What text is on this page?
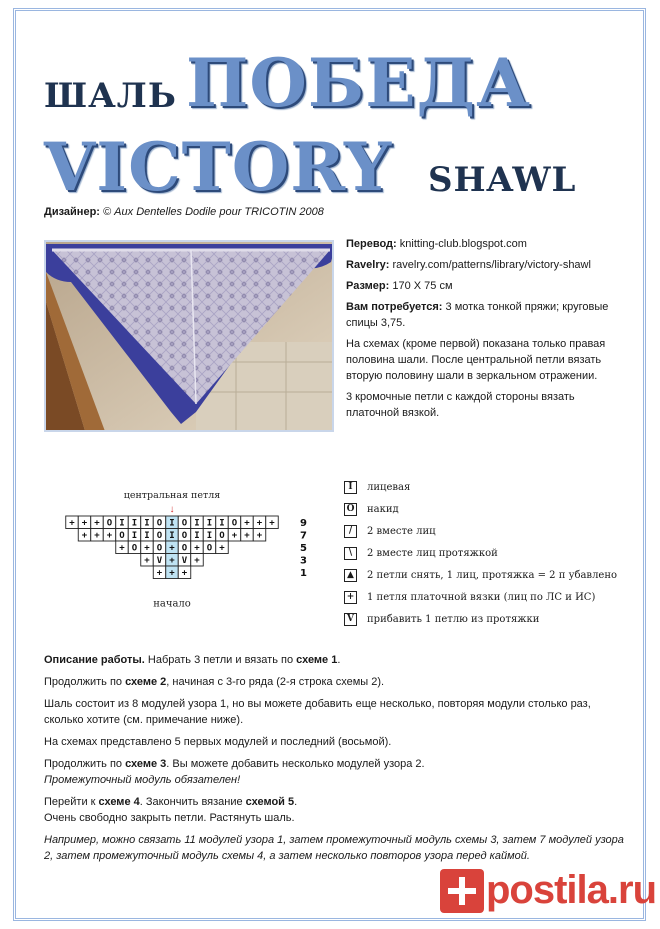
ШАЛЬ ПОБЕДА
VICTORY SHAWL
Дизайнер: © Aux Dentelles Dodile pour TRICOTIN 2008

Перевод: knitting-club.blogspot.com

Ravelry: ravelry.com/patterns/library/victory-shawl

Размер: 170 X 75 см

Вам потребуется: 3 мотка тонкой пряжи; круговые спицы 3,75.

На схемах (кроме первой) показана только правая половина шали. После центральной петли вязать вторую половину шали в зеркальном отражении.

3 кромочные петли с каждой стороны вязать платочной вязкой.

центральная петля
↓
+ + + O I I I O I O I I I O + + +	9
+ + + O I I O I O I I O + + +	7
+ O + O + O + O +	5
+ V + V +	3
+ + +	1
начало
I	лицевая
O накид
/	2 вместе лиц
\	2 вместе лиц протяжкой
▲	2 петли снять, 1 лиц, протяжка = 2 п убавлено
+ 1 петля платочной вязки (лиц по ЛС и ИС)
V	прибавить 1 петлю из протяжки

Описание работы. Набрать 3 петли и вязать по схеме 1.

Продолжить по схеме 2, начиная с 3-го ряда (2-я строка схемы 2).

Шаль состоит из 8 модулей узора 1, но вы можете добавить еще несколько, повторяя модули столько раз, сколько хотите (см. примечание ниже).

На схемах представлено 5 первых модулей и последний (восьмой).

Продолжить по схеме 3. Вы можете добавить несколько модулей узора 2.
Промежуточный модуль обязателен!

Перейти к схеме 4. Закончить вязание схемой 5.
Очень свободно закрыть петли. Растянуть шаль.

Например, можно связать 11 модулей узора 1, затем промежуточный модуль схемы 3, затем 7 модулей узора 2, затем промежуточный модуль схемы 4, а затем несколько повторов узора перед каймой.

postila.ru
